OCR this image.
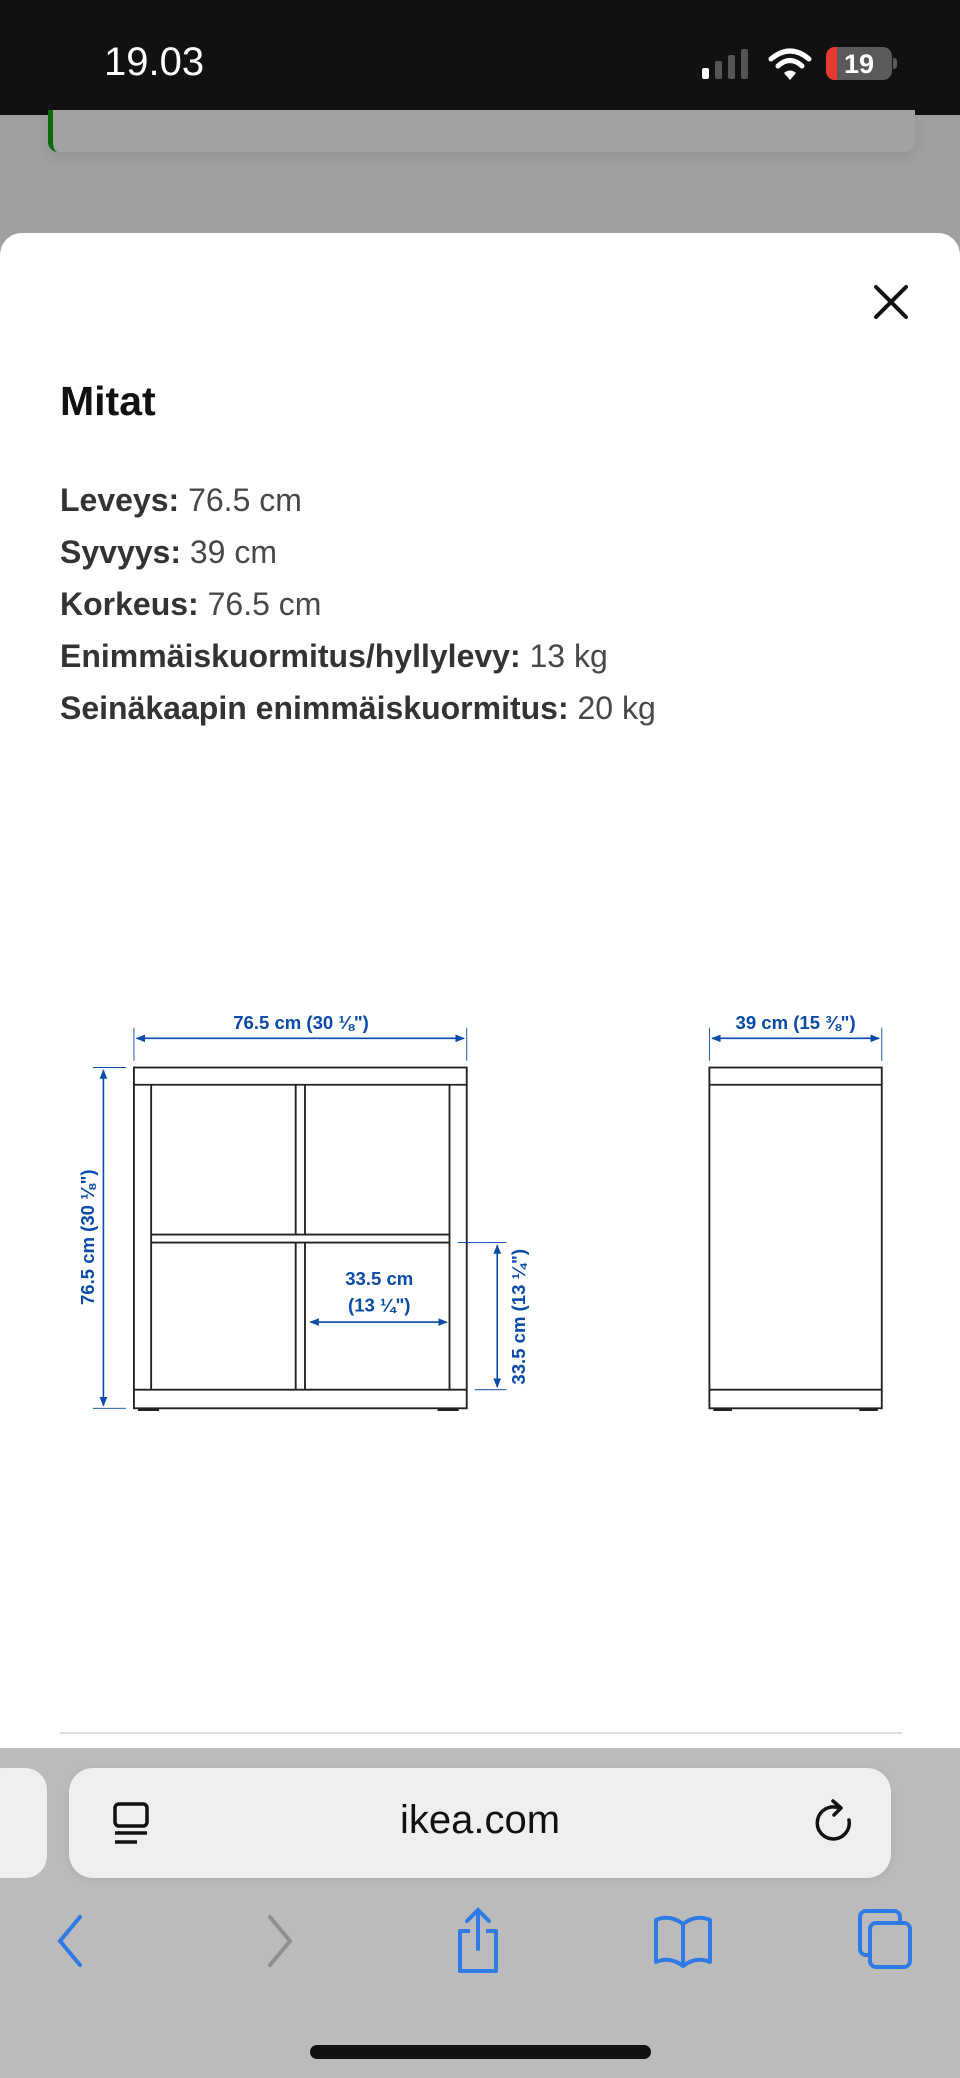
19.03	19
Mitat
Leveys: 76.5 cm
Syvyys: 39 cm
Korkeus: 76.5 cm
Enimmäiskuormitus/hyllylevy: 13 kg
Seinäkaapin enimmäiskuormitus: 20 kg
76.5 cm (30 ⅛")
76.5 cm (30 ⅛")	33.5 cm
(13 ¼")	33.5 cm (13 ¼")
39 cm (15 ⅜")
ikea.com
